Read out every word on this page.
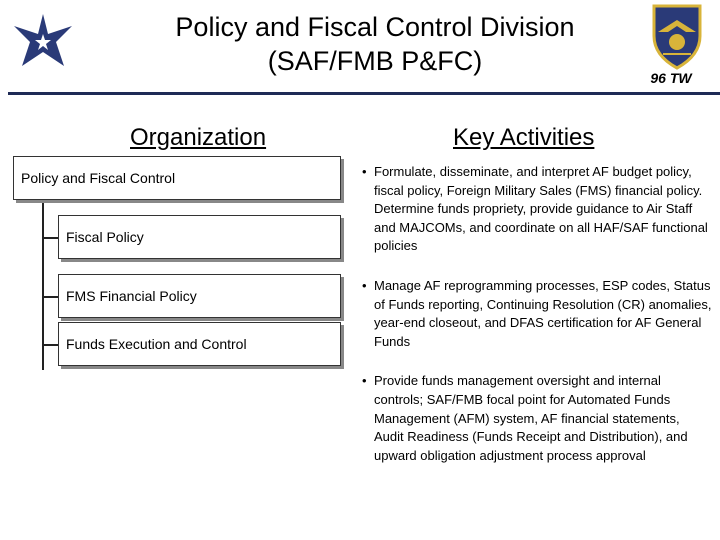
Policy and Fiscal Control Division
(SAF/FMB P&FC)
96 TW
Organization	Key Activities
Policy and Fiscal Control
Fiscal Policy
FMS Financial Policy
Funds Execution and Control
• Formulate, disseminate, and interpret AF budget policy, fiscal policy, Foreign Military Sales (FMS) financial policy. Determine funds propriety, provide guidance to Air Staff and MAJCOMs, and coordinate on all HAF/SAF functional policies
• Manage AF reprogramming processes, ESP codes, Status of Funds reporting, Continuing Resolution (CR) anomalies, year-end closeout, and DFAS certification for AF General Funds
• Provide funds management oversight and internal controls; SAF/FMB focal point for Automated Funds Management (AFM) system, AF financial statements, Audit Readiness (Funds Receipt and Distribution), and upward obligation adjustment process approval
